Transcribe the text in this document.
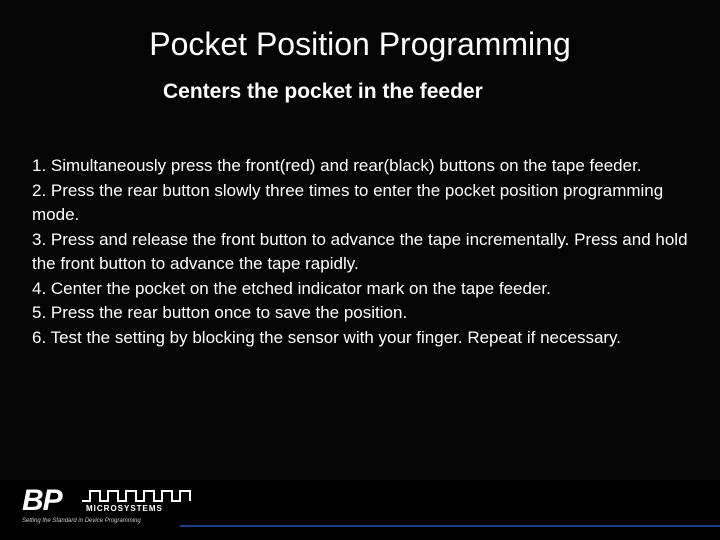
Pocket Position Programming
Centers the pocket in the feeder

1. Simultaneously press the front(red) and rear(black) buttons on the tape feeder.

2. Press the rear button slowly three times to enter the pocket position programming mode.

3. Press and release the front button to advance the tape incrementally. Press and hold the front button to advance the tape rapidly.

4. Center the pocket on the etched indicator mark on the tape feeder.

5. Press the rear button once to save the position.

6. Test the setting by blocking the sensor with your finger. Repeat if necessary.

BP	MICROSYSTEMS
Setting the Standard in Device Programming
